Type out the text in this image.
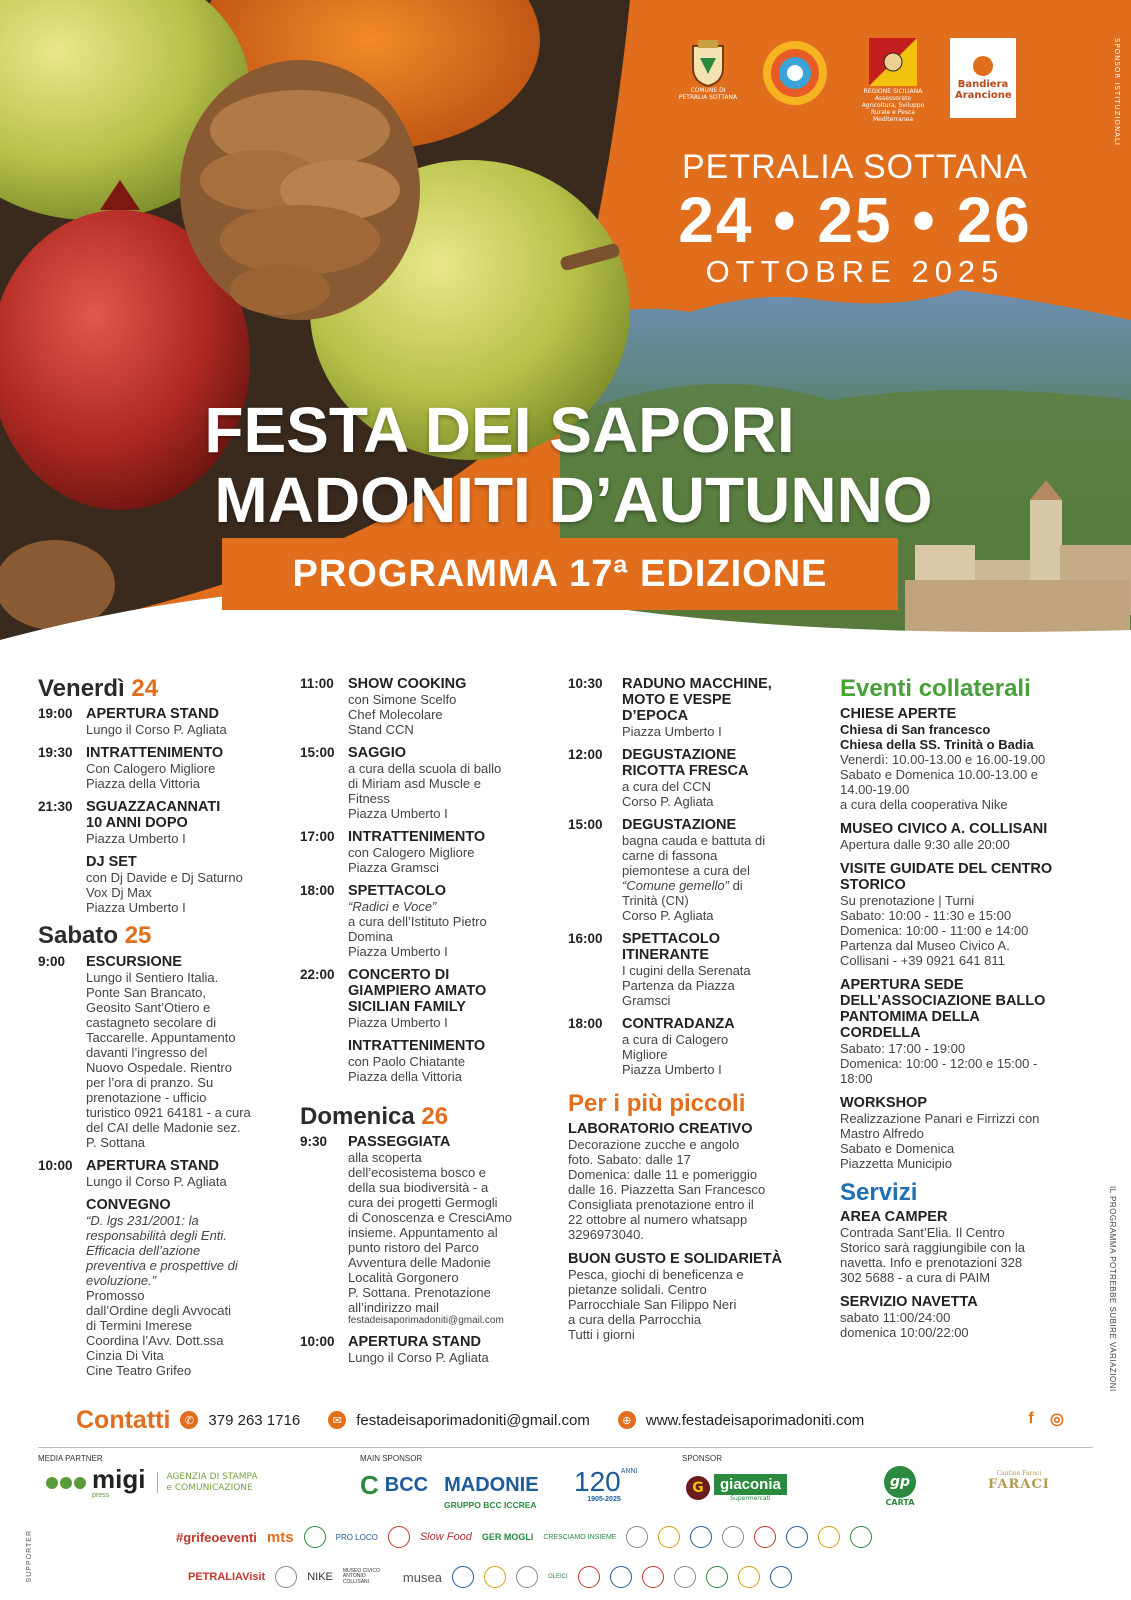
SPONSOR ISTITUZIONALI
COMUNE DI PETRALIA SOTTANA
REGIONE SICILIANA Assessorato Agricoltura, Sviluppo Rurale e Pesca Mediterranea
Bandiera Arancione
PETRALIA SOTTANA
24 • 25 • 26
OTTOBRE 2025
FESTA DEI SAPORI
MADONITI D’AUTUNNO
PROGRAMMA 17ª EDIZIONE
Venerdì 24
19:00 APERTURA STAND
Lungo il Corso P. Agliata
19:30 INTRATTENIMENTO
Con Calogero Migliore
Piazza della Vittoria
21:30 SGUAZZACANNATI
10 ANNI DOPO
Piazza Umberto I
DJ SET
con Dj Davide e Dj Saturno
Vox Dj Max
Piazza Umberto I
Sabato 25
9:00	ESCURSIONE
Lungo il Sentiero Italia.
Ponte San Brancato,
Geosito Sant’Otiero e
castagneto secolare di
Taccarelle. Appuntamento
davanti l’ingresso del
Nuovo Ospedale. Rientro
per l’ora di pranzo. Su
prenotazione - ufficio
turistico 0921 64181 - a cura
del CAI delle Madonie sez.
P. Sottana
10:00 APERTURA STAND
Lungo il Corso P. Agliata
CONVEGNO
“D. lgs 231/2001: la
responsabilità degli Enti.
Efficacia dell’azione
preventiva e prospettive di
evoluzione.”
Promosso
dall’Ordine degli Avvocati
di Termini Imerese
Coordina l’Avv. Dott.ssa
Cinzia Di Vita
Cine Teatro Grifeo
11:00 SHOW COOKING
con Simone Scelfo
Chef Molecolare
Stand CCN
15:00 SAGGIO
a cura della scuola di ballo
di Miriam asd Muscle e
Fitness
Piazza Umberto I
17:00 INTRATTENIMENTO
con Calogero Migliore
Piazza Gramsci
18:00 SPETTACOLO
“Radici e Voce”
a cura dell’Istituto Pietro
Domina
Piazza Umberto I
22:00 CONCERTO DI
GIAMPIERO AMATO
SICILIAN FAMILY
Piazza Umberto I
INTRATTENIMENTO
con Paolo Chiatante
Piazza della Vittoria
Domenica 26
9:30	PASSEGGIATA
alla scoperta
dell’ecosistema bosco e
della sua biodiversità - a
cura dei progetti Germogli
di Conoscenza e CresciAmo
insieme. Appuntamento al
punto ristoro del Parco
Avventura delle Madonie
Località Gorgonero
P. Sottana. Prenotazione
all’indirizzo mail
festadeisaporimadoniti@gmail.com
10:00 APERTURA STAND
Lungo il Corso P. Agliata
10:30	RADUNO MACCHINE,
MOTO E VESPE
D’EPOCA
Piazza Umberto I
12:00	DEGUSTAZIONE
RICOTTA FRESCA
a cura del CCN
Corso P. Agliata
15:00	DEGUSTAZIONE
bagna cauda e battuta di
carne di fassona
piemontese a cura del
“Comune gemello” di
Trinità (CN)
Corso P. Agliata
16:00	SPETTACOLO
ITINERANTE
I cugini della Serenata
Partenza da Piazza
Gramsci
18:00	CONTRADANZA
a cura di Calogero
Migliore
Piazza Umberto I
Per i più piccoli
LABORATORIO CREATIVO
Decorazione zucche e angolo
foto. Sabato: dalle 17
Domenica: dalle 11 e pomeriggio
dalle 16. Piazzetta San Francesco
Consigliata prenotazione entro il
22 ottobre al numero whatsapp
3296973040.
BUON GUSTO E SOLIDARIETÀ
Pesca, giochi di beneficenza e
pietanze solidali. Centro
Parrocchiale San Filippo Neri
a cura della Parrocchia
Tutti i giorni
Eventi collaterali
CHIESE APERTE
Chiesa di San francesco
Chiesa della SS. Trinità o Badia
Venerdì: 10.00-13.00 e 16.00-19.00
Sabato e Domenica 10.00-13.00 e
14.00-19.00
a cura della cooperativa Nike
MUSEO CIVICO A. COLLISANI
Apertura dalle 9:30 alle 20:00
VISITE GUIDATE DEL CENTRO
STORICO
Su prenotazione | Turni
Sabato: 10:00 - 11:30 e 15:00
Domenica: 10:00 - 11:00 e 14:00
Partenza dal Museo Civico A.
Collisani - +39 0921 641 811
APERTURA SEDE
DELL’ASSOCIAZIONE BALLO
PANTOMIMA DELLA
CORDELLA
Sabato: 17:00 - 19:00
Domenica: 10:00 - 12:00 e 15:00 -
18:00
WORKSHOP
Realizzazione Panari e Firrizzi con
Mastro Alfredo
Sabato e Domenica
Piazzetta Municipio
Servizi
AREA CAMPER
Contrada Sant’Elia. Il Centro
Storico sarà raggiungibile con la
navetta. Info e prenotazioni 328
302 5688 - a cura di PAIM
SERVIZIO NAVETTA
sabato 11:00/24:00
domenica 10:00/22:00	IL PROGRAMMA POTREBBE SUBIRE VARIAZIONI
Contatti	✆ 379 263 1716	✉ festadeisaporimadoniti@gmail.com	⊕ www.festadeisaporimadoniti.com	f	◎
MEDIA PARTNER	MAIN SPONSOR	SPONSOR
migi
press
AGENZIA DI STAMPA
e COMUNICAZIONE	C BCC MADONIE
GRUPPO BCC ICCREA
$120^{ANNI}$
1905-2025
G	giaconia
Supermercati
gp
CARTA
Cantine Faraci
FARACI
SUPPORTER	#grifeoeventi mts	PRO LOCO	Slow Food GER MOGLI CRESCIAMO INSIEME
PETRALIAVisit	NIKE
MUSEO CIVICO ANTONIO COLLISANI	musea	OLEICI
